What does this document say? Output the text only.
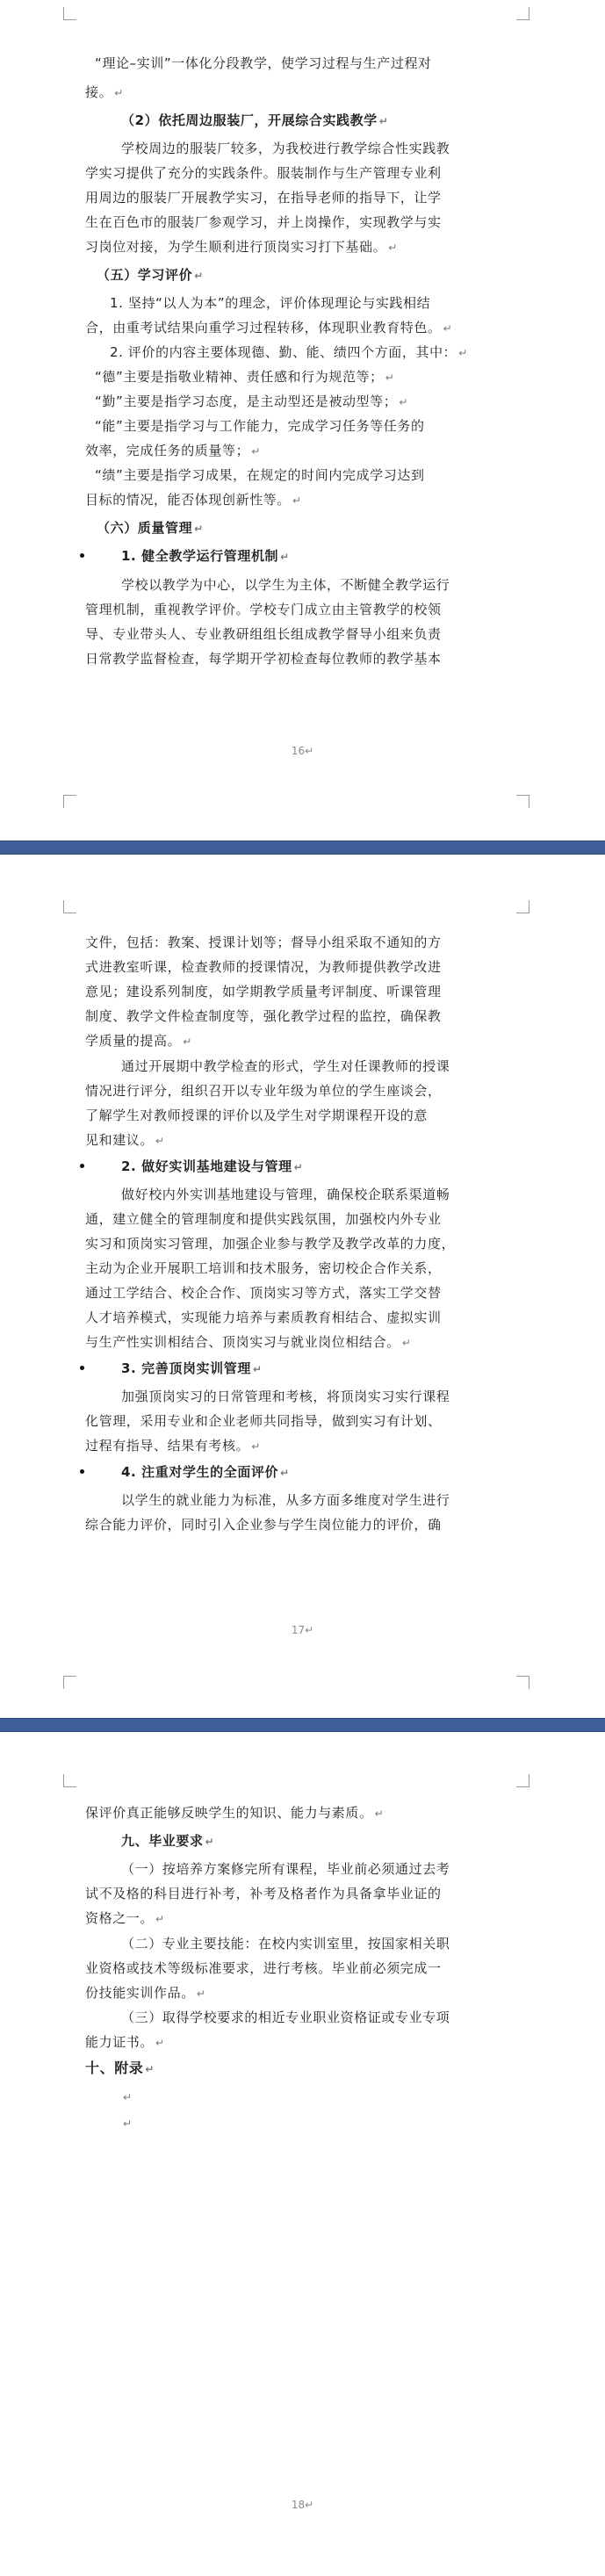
“理论–实训”一体化分段教学，使学习过程与生产过程对
接。 ↵
（2）依托周边服装厂，开展综合实践教学 ↵
学校周边的服装厂较多，为我校进行教学综合性实践教
学实习提供了充分的实践条件。服装制作与生产管理专业利
用周边的服装厂开展教学实习，在指导老师的指导下，让学
生在百色市的服装厂参观学习，并上岗操作，实现教学与实
习岗位对接，为学生顺利进行顶岗实习打下基础。 ↵
（五）学习评价 ↵
1. 坚持“以人为本”的理念，评价体现理论与实践相结
合，由重考试结果向重学习过程转移，体现职业教育特色。 ↵
2. 评价的内容主要体现德、勤、能、绩四个方面，其中： ↵
“德”主要是指敬业精神、责任感和行为规范等； ↵
“勤”主要是指学习态度，是主动型还是被动型等； ↵
“能”主要是指学习与工作能力，完成学习任务等任务的
效率，完成任务的质量等； ↵
“绩”主要是指学习成果，在规定的时间内完成学习达到
目标的情况，能否体现创新性等。 ↵
（六）质量管理 ↵
1. 健全教学运行管理机制 ↵
学校以教学为中心，以学生为主体，不断健全教学运行
管理机制，重视教学评价。学校专门成立由主管教学的校领
导、专业带头人、专业教研组组长组成教学督导小组来负责
日常教学监督检查，每学期开学初检查每位教师的教学基本
16↵
文件，包括：教案、授课计划等；督导小组采取不通知的方
式进教室听课，检查教师的授课情况，为教师提供教学改进
意见；建设系列制度，如学期教学质量考评制度、听课管理
制度、教学文件检查制度等，强化教学过程的监控，确保教
学质量的提高。 ↵
通过开展期中教学检查的形式，学生对任课教师的授课
情况进行评分，组织召开以专业年级为单位的学生座谈会，
了解学生对教师授课的评价以及学生对学期课程开设的意
见和建议。 ↵
2. 做好实训基地建设与管理 ↵
做好校内外实训基地建设与管理，确保校企联系渠道畅
通，建立健全的管理制度和提供实践氛围，加强校内外专业
实习和顶岗实习管理，加强企业参与教学及教学改革的力度，
主动为企业开展职工培训和技术服务，密切校企合作关系，
通过工学结合、校企合作、顶岗实习等方式，落实工学交替
人才培养模式，实现能力培养与素质教育相结合、虚拟实训
与生产性实训相结合、顶岗实习与就业岗位相结合。 ↵
3. 完善顶岗实训管理 ↵
加强顶岗实习的日常管理和考核，将顶岗实习实行课程
化管理，采用专业和企业老师共同指导，做到实习有计划、
过程有指导、结果有考核。 ↵
4. 注重对学生的全面评价 ↵
以学生的就业能力为标准，从多方面多维度对学生进行
综合能力评价，同时引入企业参与学生岗位能力的评价，确
17↵
保评价真正能够反映学生的知识、能力与素质。 ↵
九、毕业要求 ↵
（一）按培养方案修完所有课程，毕业前必须通过去考
试不及格的科目进行补考，补考及格者作为具备拿毕业证的
资格之一。 ↵
（二）专业主要技能：在校内实训室里，按国家相关职
业资格或技术等级标准要求，进行考核。毕业前必须完成一
份技能实训作品。 ↵
（三）取得学校要求的相近专业职业资格证或专业专项
能力证书。 ↵
十、附录 ↵
↵
↵
18↵
